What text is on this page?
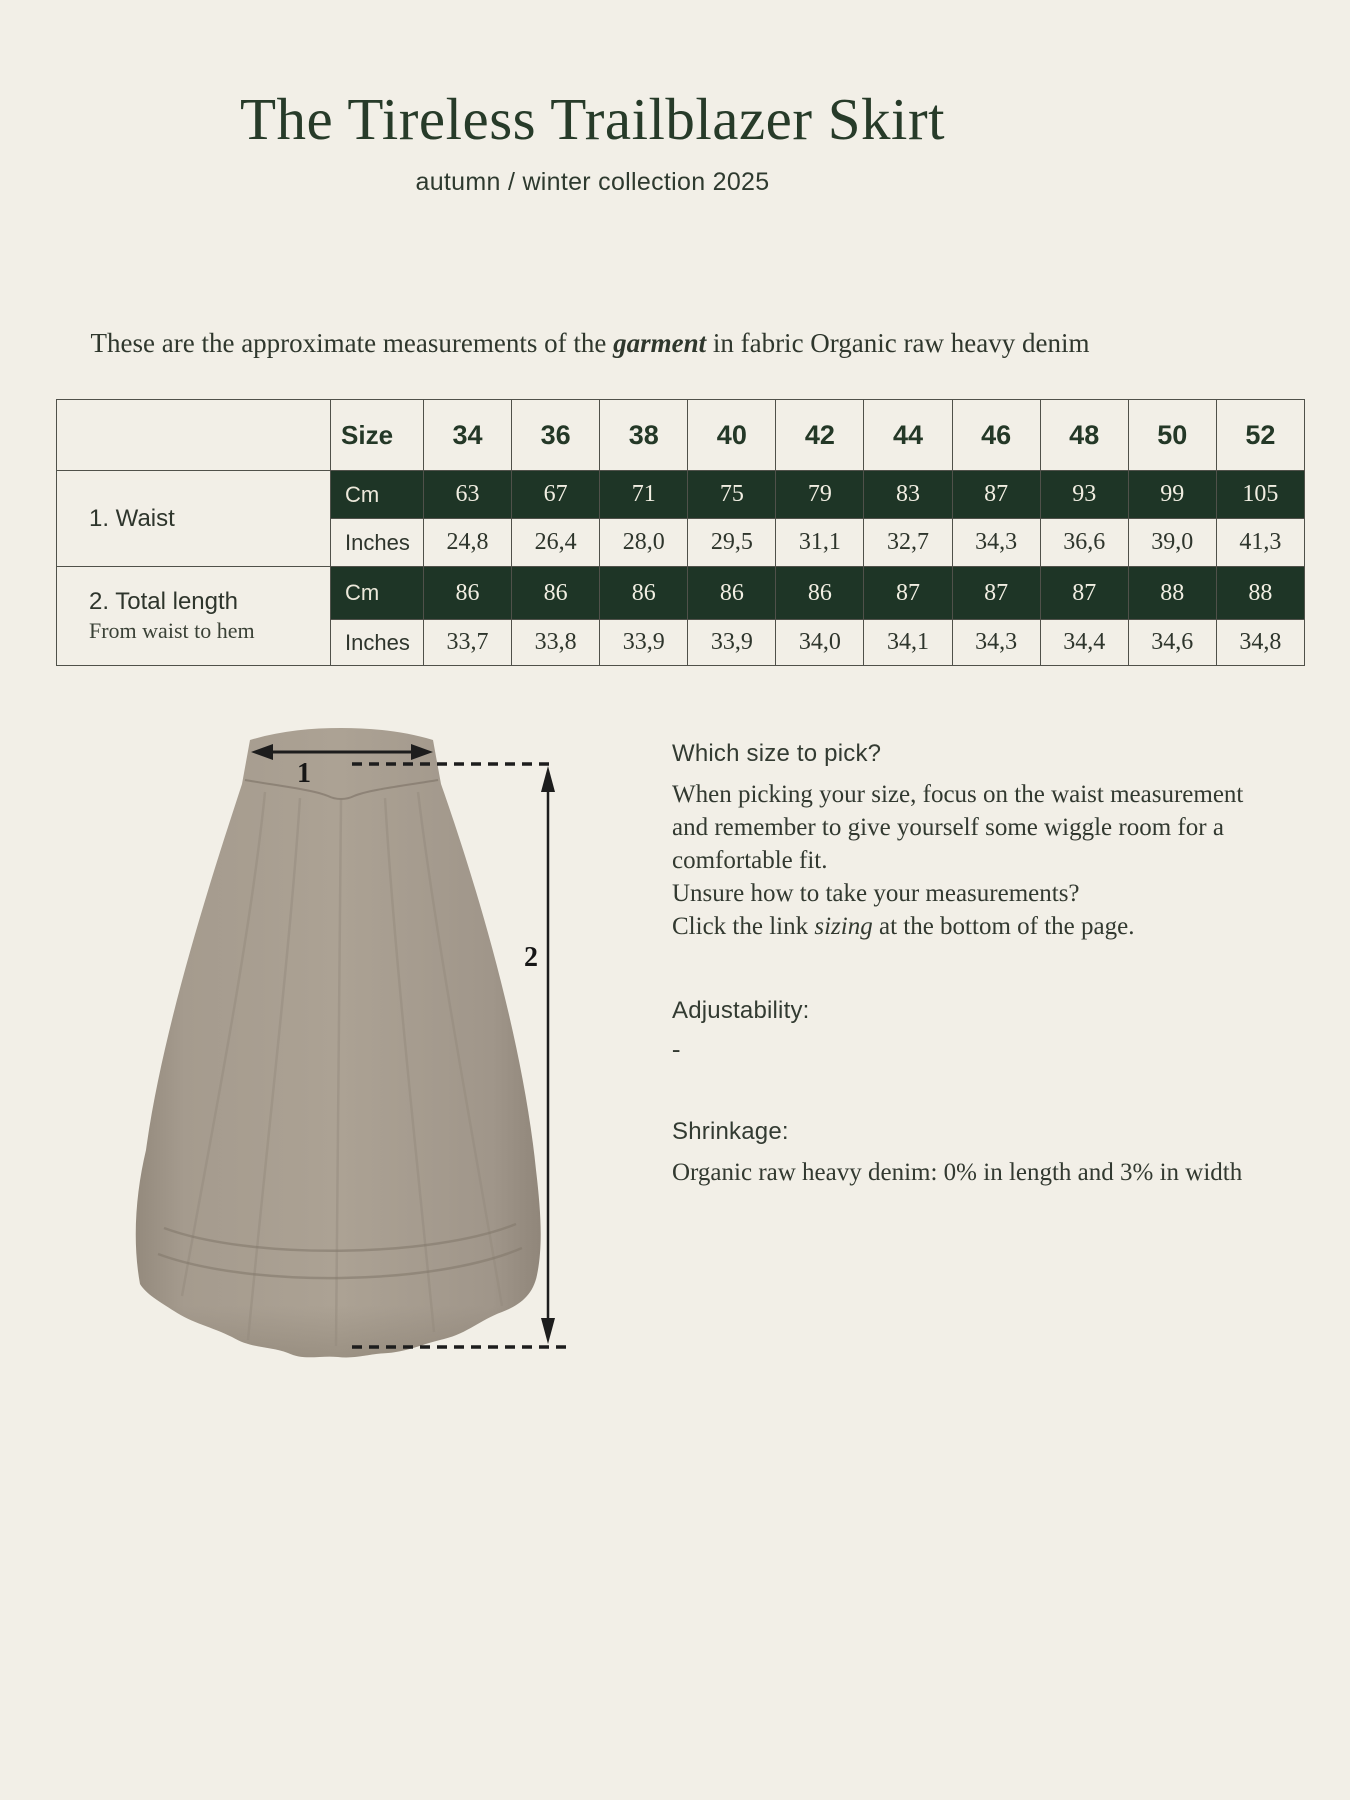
The Tireless Trailblazer Skirt
autumn / winter collection 2025
These are the approximate measurements of the garment in fabric Organic raw heavy denim
	Size	34	36	38	40	42	44	46	48	50	52

1. Waist	Cm	63	67	71	75	79	83	87	93	99	105
	Inches	24,8	26,4	28,0	29,5	31,1	32,7	34,3	36,6	39,0	41,3

2. Total length
From waist to hem	Cm	86	86	86	86	86	87	87	87	88	88
	Inches	33,7	33,8	33,9	33,9	34,0	34,1	34,3	34,4	34,6	34,8
1
2
Which size to pick?
When picking your size, focus on the waist measurement
and remember to give yourself some wiggle room for a
comfortable fit.
Unsure how to take your measurements?
Click the link sizing at the bottom of the page.
Adjustability:
-
Shrinkage:
Organic raw heavy denim: 0% in length and 3% in width
